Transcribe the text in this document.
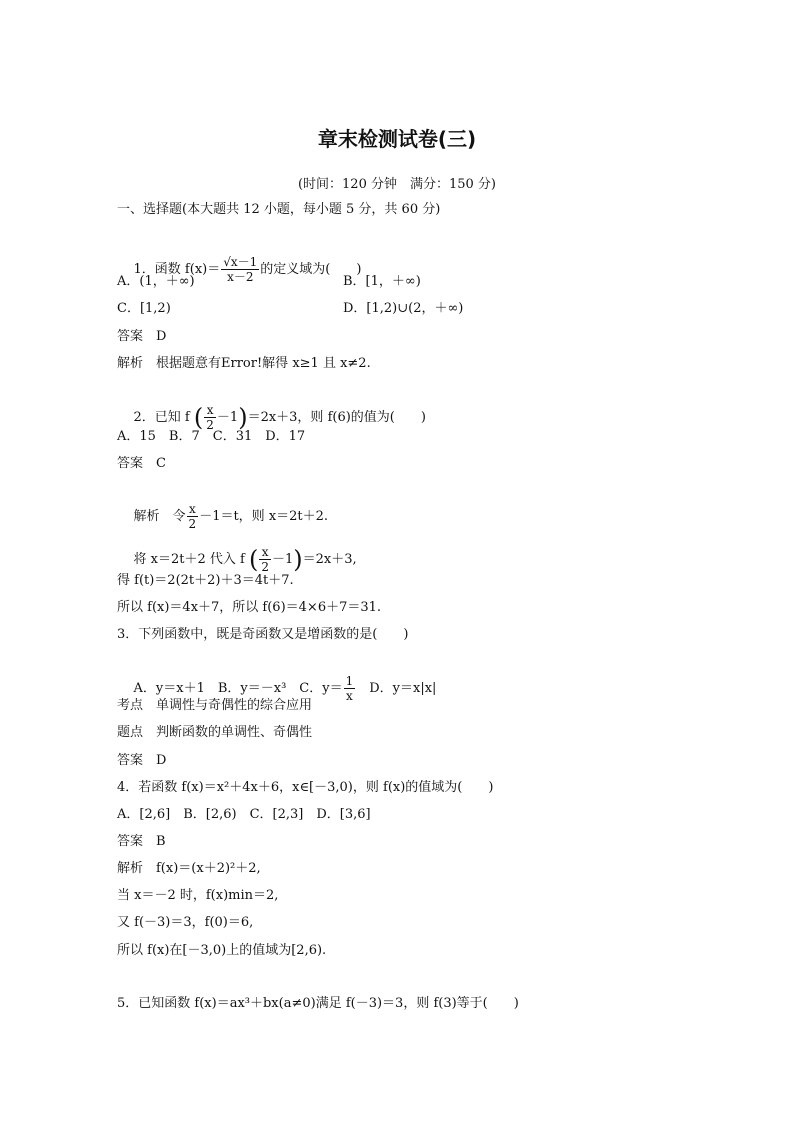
章末检测试卷(三)
(时间：120 分钟　满分：150 分)
一、选择题(本大题共 12 小题，每小题 5 分，共 60 分)

1．函数 $f(x)= \frac{√x-1}{x-2}$ 的定义域为(　　)

A．(1，＋∞)	B．[1，＋∞)
C．[1,2)	D．[1,2)∪(2，＋∞)
答案　D
解析　根据题意有Error!解得 x≥1 且 x≠2.

2．已知 f ( $\frac{x}{2} -1)=2x+3$，则 f(6)的值为(　　)

A．15　B．7　C．31　D．17
答案　C

解析　令 $\frac{x}{2} -1=t$，则 x＝2t＋2.

将 x＝2t＋2 代入 f ( $\frac{x}{2} -1)=2x+3$,

得 f(t)＝2(2t＋2)＋3＝4t＋7.
所以 f(x)＝4x＋7，所以 f(6)＝4×6＋7＝31.
3．下列函数中，既是奇函数又是增函数的是(　　)

A．y＝x＋1　B．y＝－x³　C．$y= \frac{1}{x}$ 　D．y＝x|x|

考点　单调性与奇偶性的综合应用
题点　判断函数的单调性、奇偶性
答案　D
4．若函数 f(x)＝x²＋4x＋6，x∈[－3,0)，则 f(x)的值域为(　　)
A．[2,6]　B．[2,6)　C．[2,3]　D．[3,6]
答案　B
解析　f(x)＝(x＋2)²＋2,
当 x＝－2 时，f(x)min＝2,
又 f(－3)＝3，f(0)＝6,
所以 f(x)在[－3,0)上的值域为[2,6).
5．已知函数 f(x)＝ax³＋bx(a≠0)满足 f(－3)＝3，则 f(3)等于(　　)
